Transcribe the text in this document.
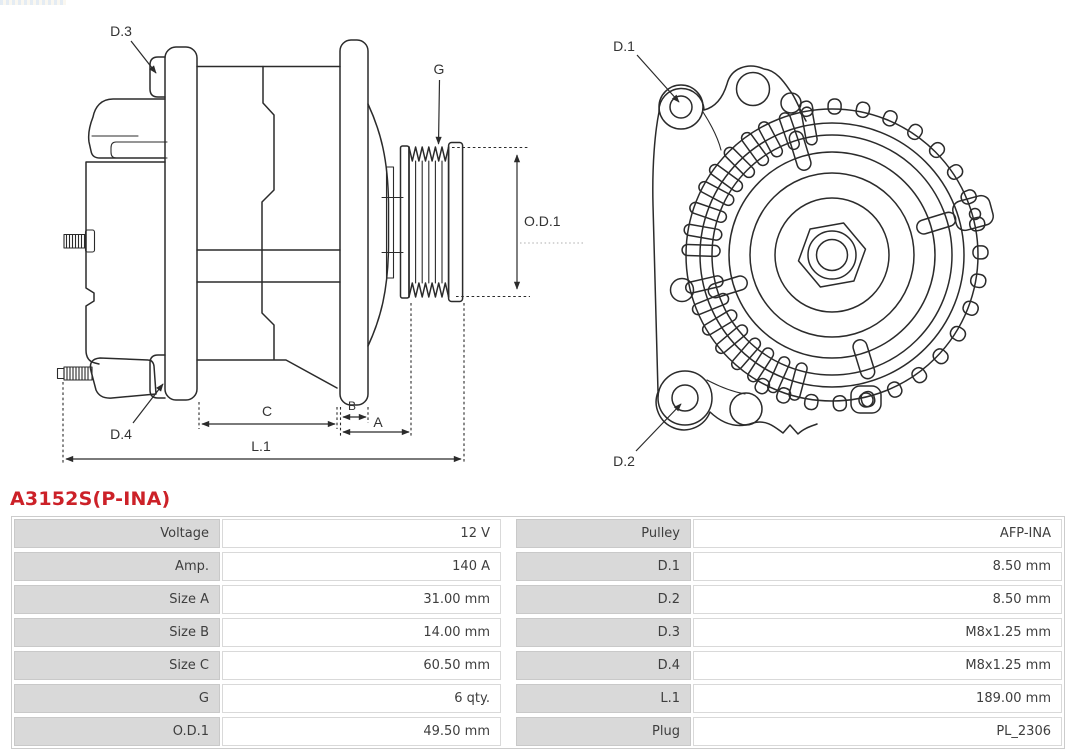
D.3
D.4
G
O.D.1
C	B
A
L.1
D.1
D.2
A3152S(P-INA)
Voltage	12 V	Pulley	AFP-INA
Amp.	140 A	D.1	8.50 mm
Size A	31.00 mm	D.2	8.50 mm
Size B	14.00 mm	D.3	M8x1.25 mm
Size C	60.50 mm	D.4	M8x1.25 mm
G	6 qty.	L.1	189.00 mm
O.D.1	49.50 mm	Plug	PL_2306
